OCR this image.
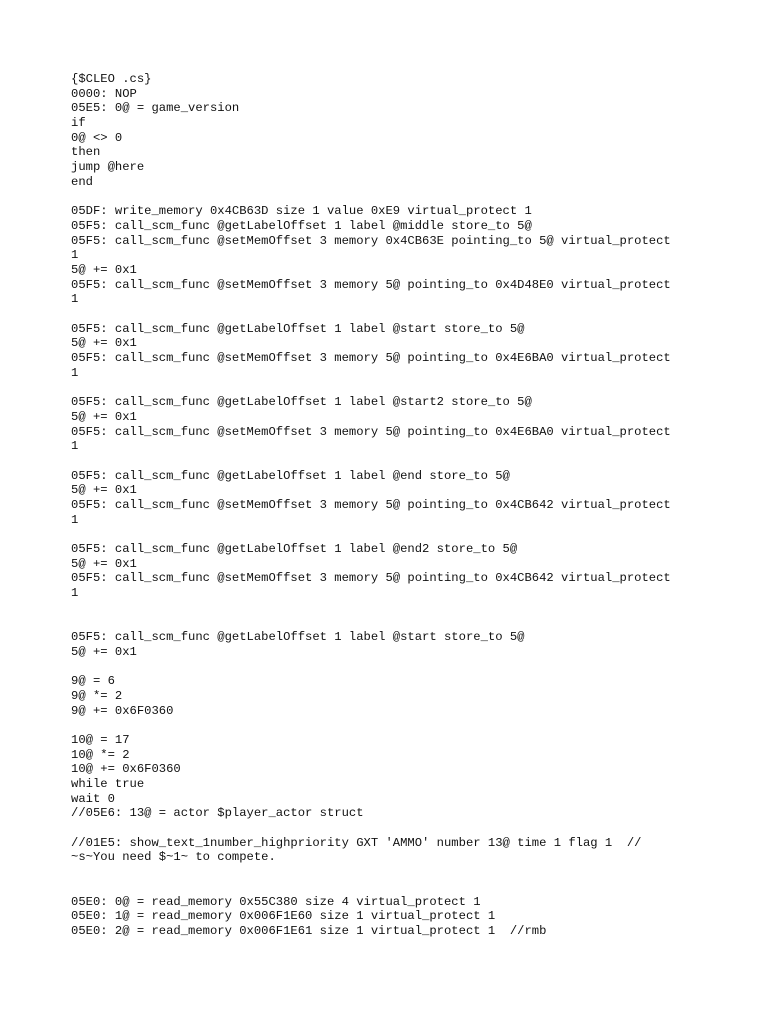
{$CLEO .cs}
0000: NOP
05E5: 0@ = game_version
if
0@ <> 0
then
jump @here
end
05DF: write_memory 0x4CB63D size 1 value 0xE9 virtual_protect 1
05F5: call_scm_func @getLabelOffset 1 label @middle store_to 5@
05F5: call_scm_func @setMemOffset 3 memory 0x4CB63E pointing_to 5@ virtual_protect
1
5@ += 0x1
05F5: call_scm_func @setMemOffset 3 memory 5@ pointing_to 0x4D48E0 virtual_protect
1
05F5: call_scm_func @getLabelOffset 1 label @start store_to 5@
5@ += 0x1
05F5: call_scm_func @setMemOffset 3 memory 5@ pointing_to 0x4E6BA0 virtual_protect
1
05F5: call_scm_func @getLabelOffset 1 label @start2 store_to 5@
5@ += 0x1
05F5: call_scm_func @setMemOffset 3 memory 5@ pointing_to 0x4E6BA0 virtual_protect
1
05F5: call_scm_func @getLabelOffset 1 label @end store_to 5@
5@ += 0x1
05F5: call_scm_func @setMemOffset 3 memory 5@ pointing_to 0x4CB642 virtual_protect
1
05F5: call_scm_func @getLabelOffset 1 label @end2 store_to 5@
5@ += 0x1
05F5: call_scm_func @setMemOffset 3 memory 5@ pointing_to 0x4CB642 virtual_protect
1
05F5: call_scm_func @getLabelOffset 1 label @start store_to 5@
5@ += 0x1
9@ = 6
9@ *= 2
9@ += 0x6F0360
10@ = 17
10@ *= 2
10@ += 0x6F0360
while true
wait 0
//05E6: 13@ = actor $player_actor struct
//01E5: show_text_1number_highpriority GXT 'AMMO' number 13@ time 1 flag 1  //
~s~You need $~1~ to compete.
05E0: 0@ = read_memory 0x55C380 size 4 virtual_protect 1
05E0: 1@ = read_memory 0x006F1E60 size 1 virtual_protect 1
05E0: 2@ = read_memory 0x006F1E61 size 1 virtual_protect 1  //rmb
